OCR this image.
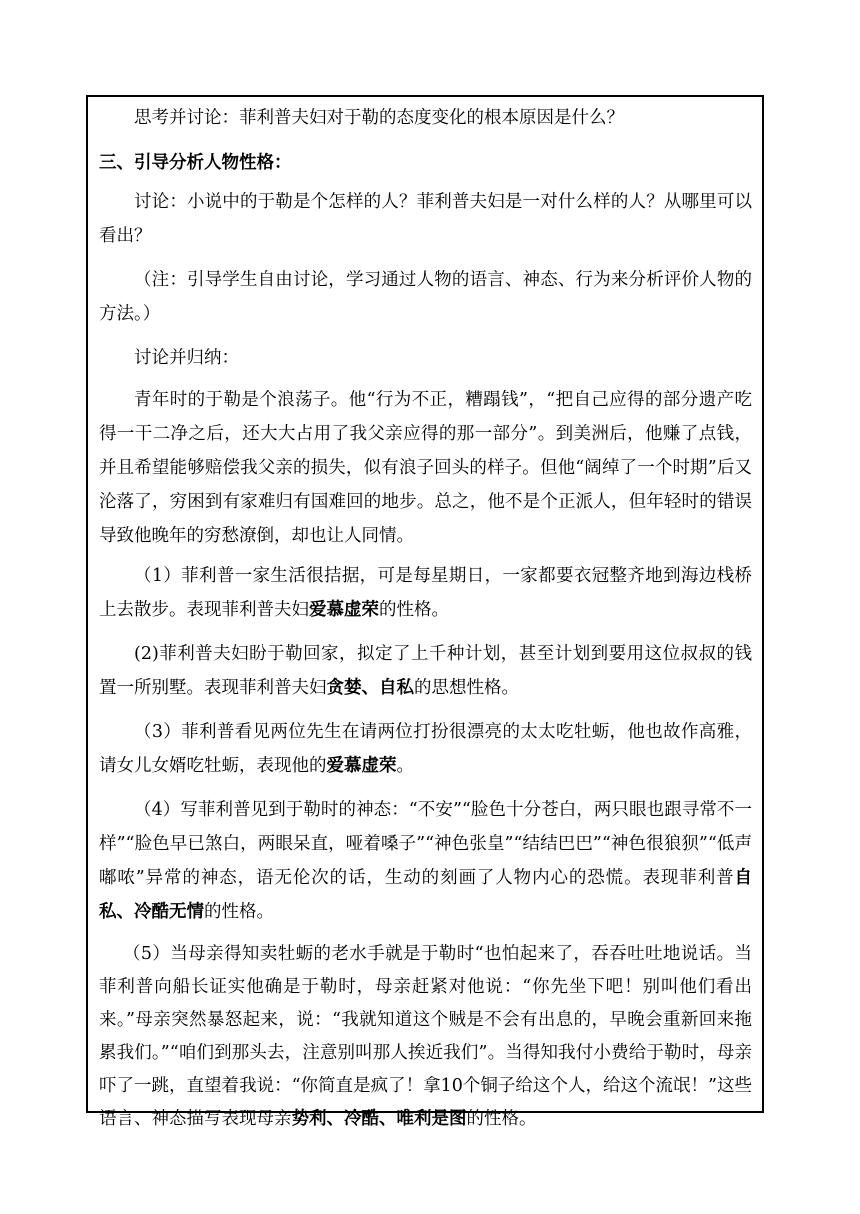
思考并讨论：菲利普夫妇对于勒的态度变化的根本原因是什么？

三、引导分析人物性格：

讨论：小说中的于勒是个怎样的人？菲利普夫妇是一对什么样的人？从哪里可以看出？

（注：引导学生自由讨论，学习通过人物的语言、神态、行为来分析评价人物的方法。）

讨论并归纳：

青年时的于勒是个浪荡子。他“行为不正，糟蹋钱”，“把自己应得的部分遗产吃得一干二净之后，还大大占用了我父亲应得的那一部分”。到美洲后，他赚了点钱，并且希望能够赔偿我父亲的损失，似有浪子回头的样子。但他“阔绰了一个时期”后又沦落了，穷困到有家难归有国难回的地步。总之，他不是个正派人，但年轻时的错误导致他晚年的穷愁潦倒，却也让人同情。

（1）菲利普一家生活很拮据，可是每星期日，一家都要衣冠整齐地到海边栈桥上去散步。表现菲利普夫妇爱慕虚荣的性格。

(2)菲利普夫妇盼于勒回家，拟定了上千种计划，甚至计划到要用这位叔叔的钱置一所别墅。表现菲利普夫妇贪婪、自私的思想性格。

（3）菲利普看见两位先生在请两位打扮很漂亮的太太吃牡蛎，他也故作高雅，请女儿女婿吃牡蛎，表现他的爱慕虚荣。

（4）写菲利普见到于勒时的神态：“不安”“脸色十分苍白，两只眼也跟寻常不一样”“脸色早已煞白，两眼呆直，哑着嗓子”“神色张皇”“结结巴巴”“神色很狼狈”“低声嘟哝”异常的神态，语无伦次的话，生动的刻画了人物内心的恐慌。表现菲利普自私、冷酷无情的性格。

（5）当母亲得知卖牡蛎的老水手就是于勒时“也怕起来了，吞吞吐吐地说话。当菲利普向船长证实他确是于勒时，母亲赶紧对他说：“你先坐下吧！别叫他们看出来。”母亲突然暴怒起来，说：“我就知道这个贼是不会有出息的，早晚会重新回来拖累我们。”“咱们到那头去，注意别叫那人挨近我们”。当得知我付小费给于勒时，母亲吓了一跳，直望着我说：“你简直是疯了！拿10个铜子给这个人，给这个流氓！”这些语言、神态描写表现母亲势利、冷酷、唯利是图的性格。
